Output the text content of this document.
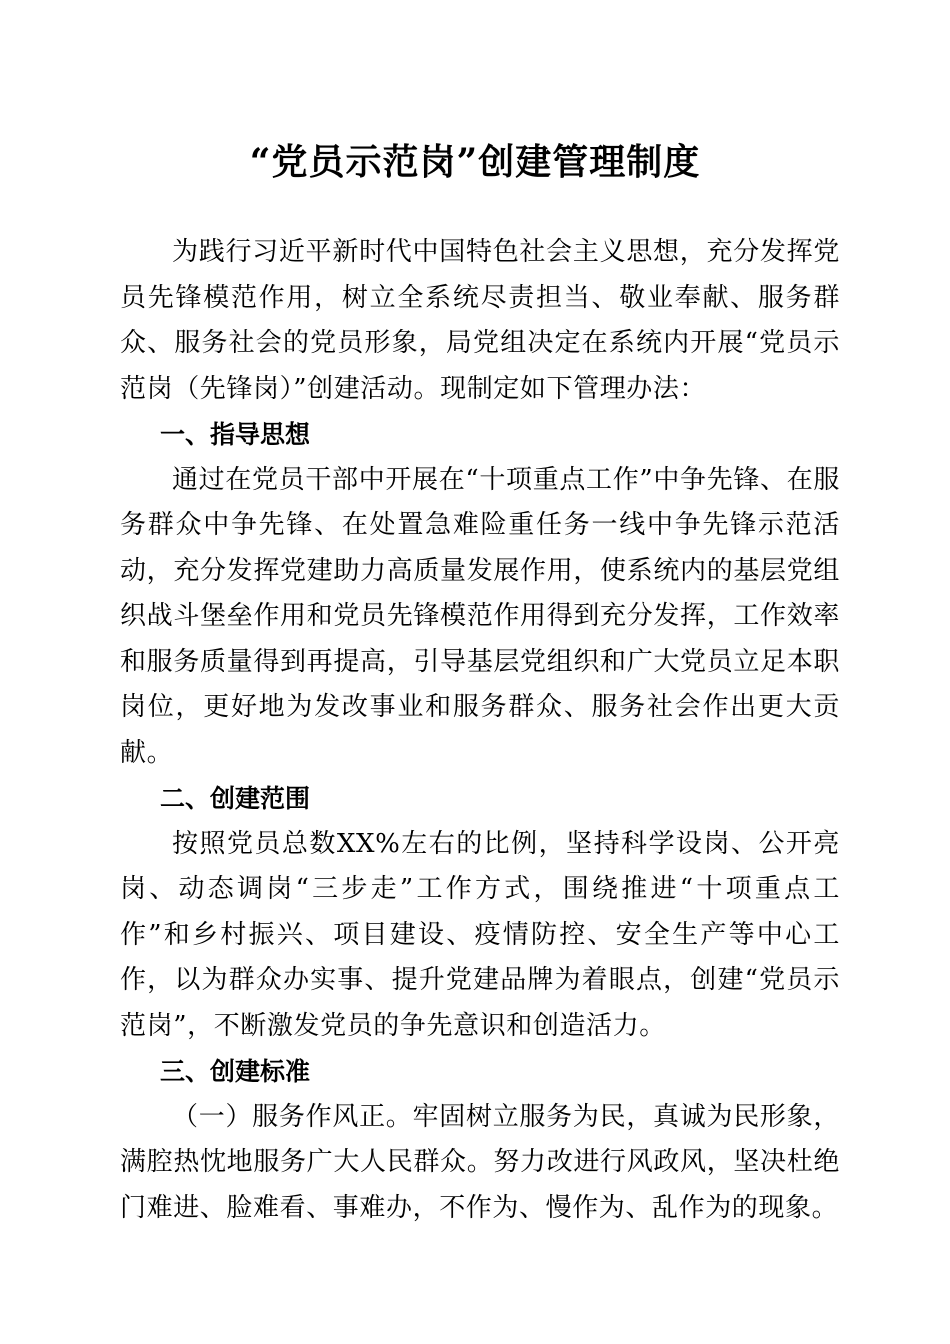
“党员示范岗”创建管理制度

为践行习近平新时代中国特色社会主义思想，充分发挥党员先锋模范作用，树立全系统尽责担当、敬业奉献、服务群众、服务社会的党员形象，局党组决定在系统内开展“党员示范岗（先锋岗）”创建活动。现制定如下管理办法：

一、指导思想

通过在党员干部中开展在“十项重点工作”中争先锋、在服务群众中争先锋、在处置急难险重任务一线中争先锋示范活动，充分发挥党建助力高质量发展作用，使系统内的基层党组织战斗堡垒作用和党员先锋模范作用得到充分发挥，工作效率和服务质量得到再提高，引导基层党组织和广大党员立足本职岗位，更好地为发改事业和服务群众、服务社会作出更大贡献。

二、创建范围

按照党员总数XX%左右的比例，坚持科学设岗、公开亮岗、动态调岗“三步走”工作方式，围绕推进“十项重点工作”和乡村振兴、项目建设、疫情防控、安全生产等中心工作，以为群众办实事、提升党建品牌为着眼点，创建“党员示范岗”，不断激发党员的争先意识和创造活力。

三、创建标准

（一）服务作风正。牢固树立服务为民，真诚为民形象，满腔热忱地服务广大人民群众。努力改进行风政风，坚决杜绝门难进、脸难看、事难办，不作为、慢作为、乱作为的现象。
